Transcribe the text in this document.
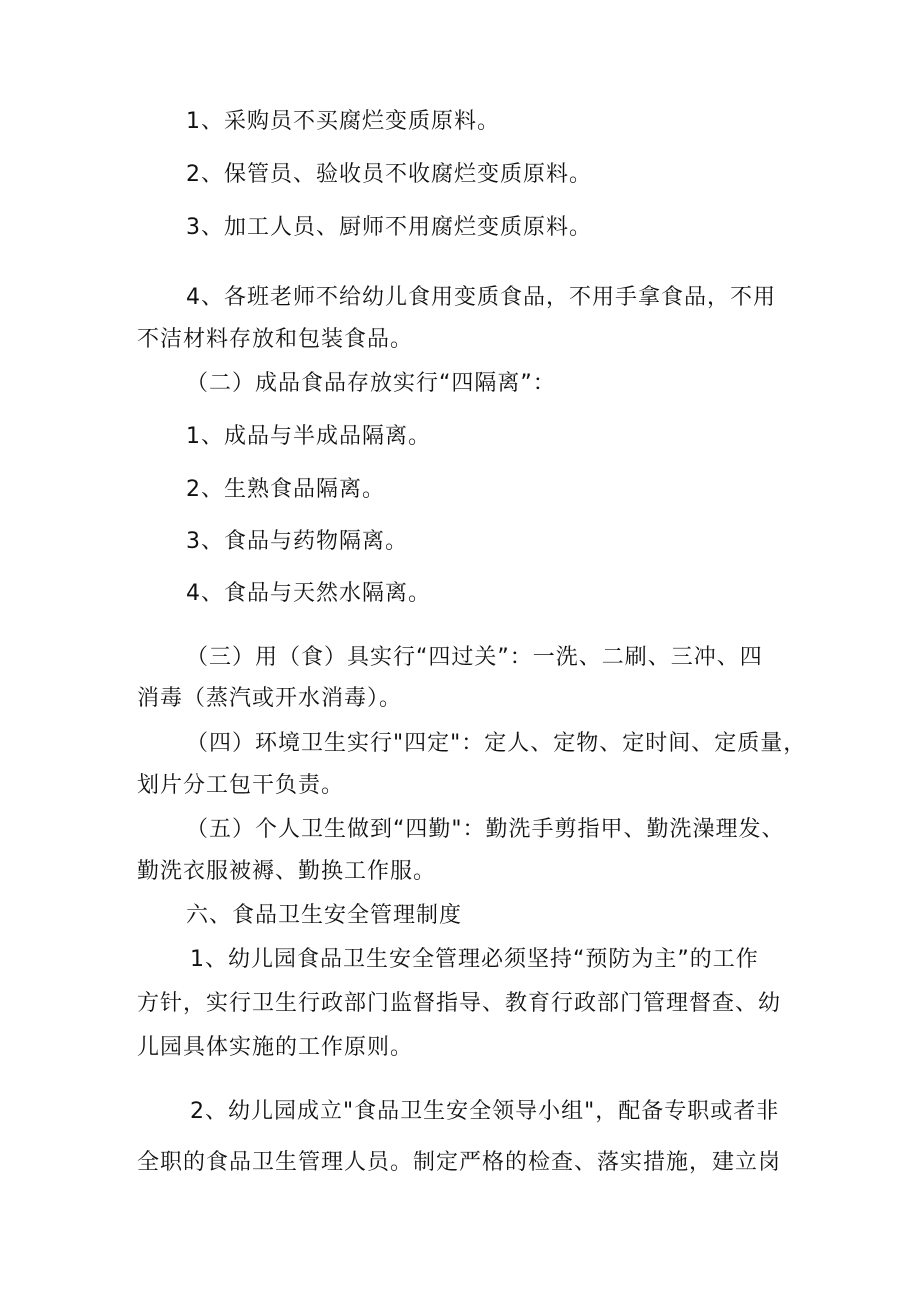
1、采购员不买腐烂变质原料。
2、保管员、验收员不收腐烂变质原料。
3、加工人员、厨师不用腐烂变质原料。
4、各班老师不给幼儿食用变质食品，不用手拿食品，不用
不洁材料存放和包装食品。
（二）成品食品存放实行“四隔离”：
1、成品与半成品隔离。
2、生熟食品隔离。
3、食品与药物隔离。
4、食品与天然水隔离。
（三）用（食）具实行“四过关”：一洗、二刷、三冲、四
消毒（蒸汽或开水消毒）。
（四）环境卫生实行"四定"：定人、定物、定时间、定质量，
划片分工包干负责。
（五）个人卫生做到“四勤"：勤洗手剪指甲、勤洗澡理发、
勤洗衣服被褥、勤换工作服。
六、食品卫生安全管理制度
1、幼儿园食品卫生安全管理必须坚持“预防为主”的工作
方针，实行卫生行政部门监督指导、教育行政部门管理督查、幼
儿园具体实施的工作原则。
2、幼儿园成立"食品卫生安全领导小组"，配备专职或者非
全职的食品卫生管理人员。制定严格的检查、落实措施，建立岗
